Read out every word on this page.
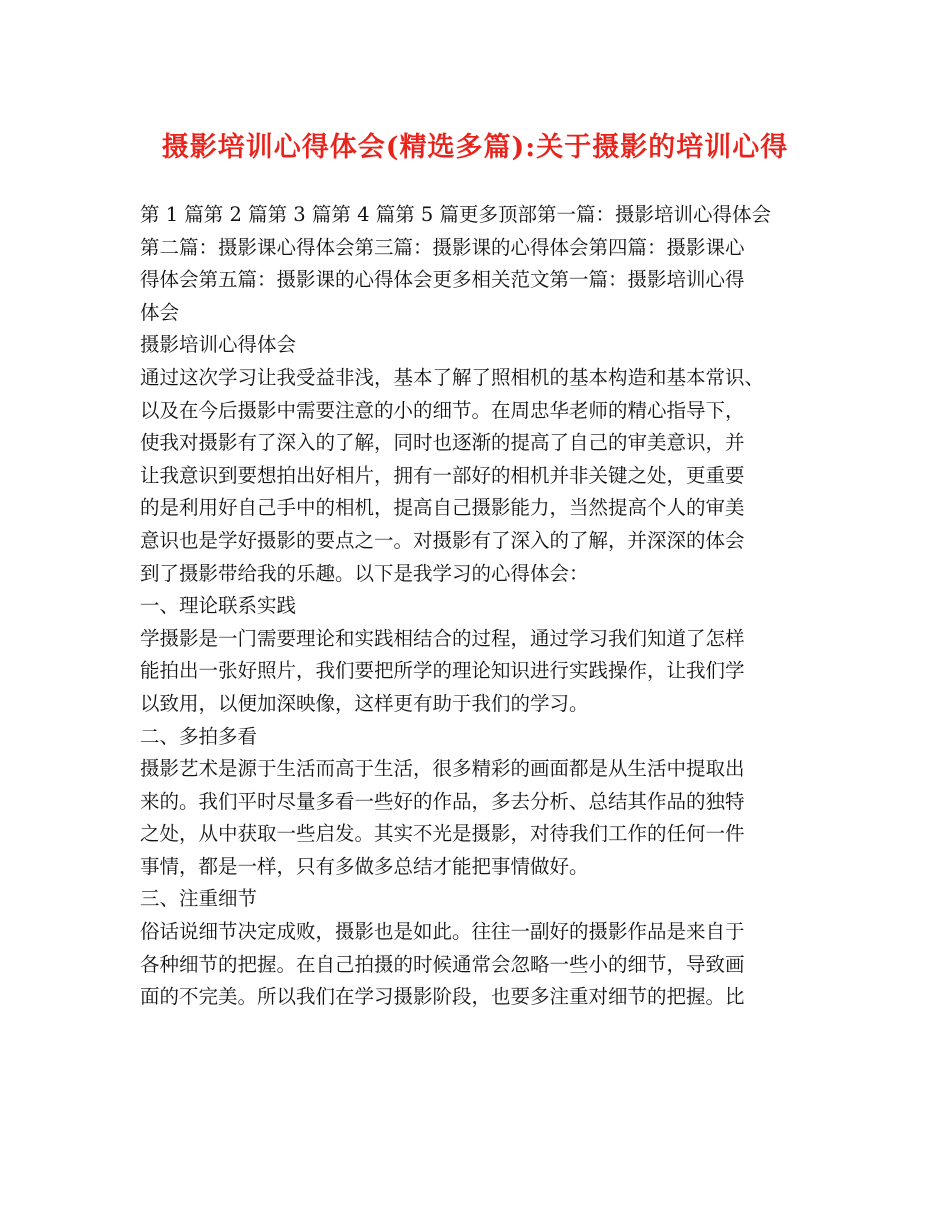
摄影培训心得体会(精选多篇):关于摄影的培训心得
第 1 篇第 2 篇第 3 篇第 4 篇第 5 篇更多顶部第一篇：摄影培训心得体会
第二篇：摄影课心得体会第三篇：摄影课的心得体会第四篇：摄影课心
得体会第五篇：摄影课的心得体会更多相关范文第一篇：摄影培训心得
体会
摄影培训心得体会
通过这次学习让我受益非浅，基本了解了照相机的基本构造和基本常识、
以及在今后摄影中需要注意的小的细节。在周忠华老师的精心指导下，
使我对摄影有了深入的了解，同时也逐渐的提高了自己的审美意识，并
让我意识到要想拍出好相片，拥有一部好的相机并非关键之处，更重要
的是利用好自己手中的相机，提高自己摄影能力，当然提高个人的审美
意识也是学好摄影的要点之一。对摄影有了深入的了解，并深深的体会
到了摄影带给我的乐趣。以下是我学习的心得体会：
一、理论联系实践
学摄影是一门需要理论和实践相结合的过程，通过学习我们知道了怎样
能拍出一张好照片，我们要把所学的理论知识进行实践操作，让我们学
以致用，以便加深映像，这样更有助于我们的学习。
二、多拍多看
摄影艺术是源于生活而高于生活，很多精彩的画面都是从生活中提取出
来的。我们平时尽量多看一些好的作品，多去分析、总结其作品的独特
之处，从中获取一些启发。其实不光是摄影，对待我们工作的任何一件
事情，都是一样，只有多做多总结才能把事情做好。
三、注重细节
俗话说细节决定成败，摄影也是如此。往往一副好的摄影作品是来自于
各种细节的把握。在自己拍摄的时候通常会忽略一些小的细节，导致画
面的不完美。所以我们在学习摄影阶段，也要多注重对细节的把握。比
